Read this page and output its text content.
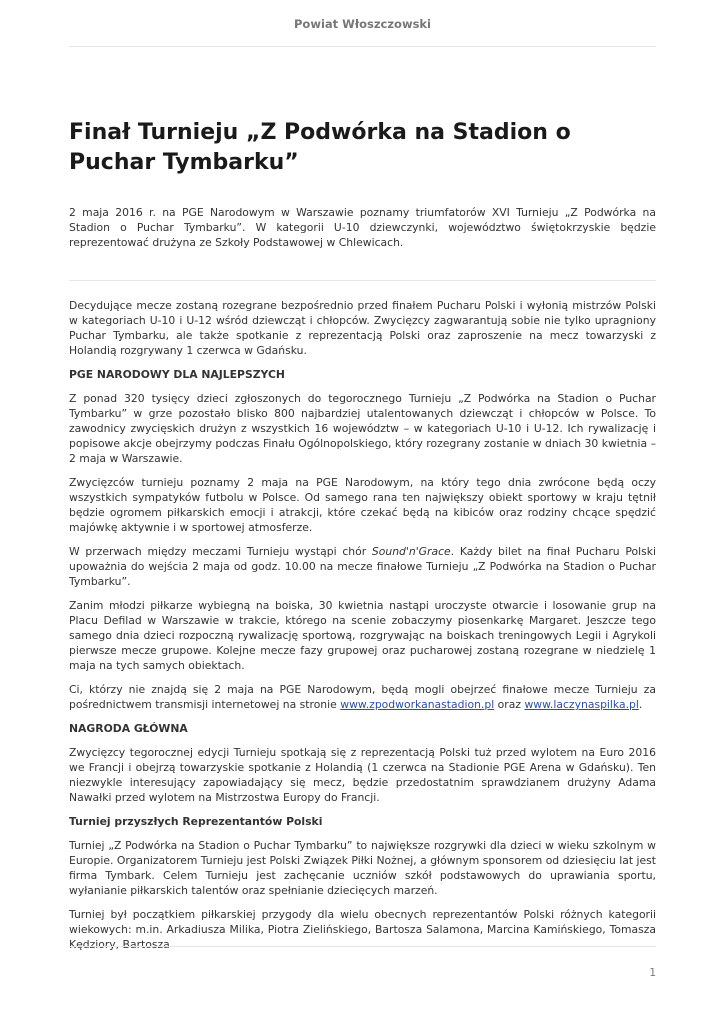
Powiat Włoszczowski
Finał Turnieju „Z Podwórka na Stadion o Puchar Tymbarku”

2 maja 2016 r. na PGE Narodowym w Warszawie poznamy triumfatorów XVI Turnieju „Z Podwórka na Stadion o Puchar Tymbarku”. W kategorii U-10 dziewczynki, województwo świętokrzyskie będzie reprezentować drużyna ze Szkoły Podstawowej w Chlewicach.

Decydujące mecze zostaną rozegrane bezpośrednio przed finałem Pucharu Polski i wyłonią mistrzów Polski w kategoriach U-10 i U-12 wśród dziewcząt i chłopców. Zwycięzcy zagwarantują sobie nie tylko upragniony Puchar Tymbarku, ale także spotkanie z reprezentacją Polski oraz zaproszenie na mecz towarzyski z Holandią rozgrywany 1 czerwca w Gdańsku.

PGE NARODOWY DLA NAJLEPSZYCH

Z ponad 320 tysięcy dzieci zgłoszonych do tegorocznego Turnieju „Z Podwórka na Stadion o Puchar Tymbarku” w grze pozostało blisko 800 najbardziej utalentowanych dziewcząt i chłopców w Polsce. To zawodnicy zwycięskich drużyn z wszystkich 16 województw – w kategoriach U-10 i U-12. Ich rywalizację i popisowe akcje obejrzymy podczas Finału Ogólnopolskiego, który rozegrany zostanie w dniach 30 kwietnia – 2 maja w Warszawie.

Zwycięzców turnieju poznamy 2 maja na PGE Narodowym, na który tego dnia zwrócone będą oczy wszystkich sympatyków futbolu w Polsce. Od samego rana ten największy obiekt sportowy w kraju tętnił będzie ogromem piłkarskich emocji i atrakcji, które czekać będą na kibiców oraz rodziny chcące spędzić majówkę aktywnie i w sportowej atmosferze.

W przerwach między meczami Turnieju wystąpi chór Sound'n'Grace. Każdy bilet na finał Pucharu Polski upoważnia do wejścia 2 maja od godz. 10.00 na mecze finałowe Turnieju „Z Podwórka na Stadion o Puchar Tymbarku”.

Zanim młodzi piłkarze wybiegną na boiska, 30 kwietnia nastąpi uroczyste otwarcie i losowanie grup na Placu Defilad w Warszawie w trakcie, którego na scenie zobaczymy piosenkarkę Margaret. Jeszcze tego samego dnia dzieci rozpoczną rywalizację sportową, rozgrywając na boiskach treningowych Legii i Agrykoli pierwsze mecze grupowe. Kolejne mecze fazy grupowej oraz pucharowej zostaną rozegrane w niedzielę 1 maja na tych samych obiektach.

Ci, którzy nie znajdą się 2 maja na PGE Narodowym, będą mogli obejrzeć finałowe mecze Turnieju za pośrednictwem transmisji internetowej na stronie www.zpodworkanastadion.pl oraz www.laczynaspilka.pl.

NAGRODA GŁÓWNA

Zwycięzcy tegorocznej edycji Turnieju spotkają się z reprezentacją Polski tuż przed wylotem na Euro 2016 we Francji i obejrzą towarzyskie spotkanie z Holandią (1 czerwca na Stadionie PGE Arena w Gdańsku). Ten niezwykle interesujący zapowiadający się mecz, będzie przedostatnim sprawdzianem drużyny Adama Nawałki przed wylotem na Mistrzostwa Europy do Francji.

Turniej przyszłych Reprezentantów Polski

Turniej „Z Podwórka na Stadion o Puchar Tymbarku” to największe rozgrywki dla dzieci w wieku szkolnym w Europie. Organizatorem Turnieju jest Polski Związek Piłki Nożnej, a głównym sponsorem od dziesięciu lat jest firma Tymbark. Celem Turnieju jest zachęcanie uczniów szkół podstawowych do uprawiania sportu, wyłanianie piłkarskich talentów oraz spełnianie dziecięcych marzeń.

Turniej był początkiem piłkarskiej przygody dla wielu obecnych reprezentantów Polski różnych kategorii wiekowych: m.in. Arkadiusza Milika, Piotra Zielińskiego, Bartosza Salamona, Marcina Kamińskiego, Tomasza Kędziory, Bartosza

1
